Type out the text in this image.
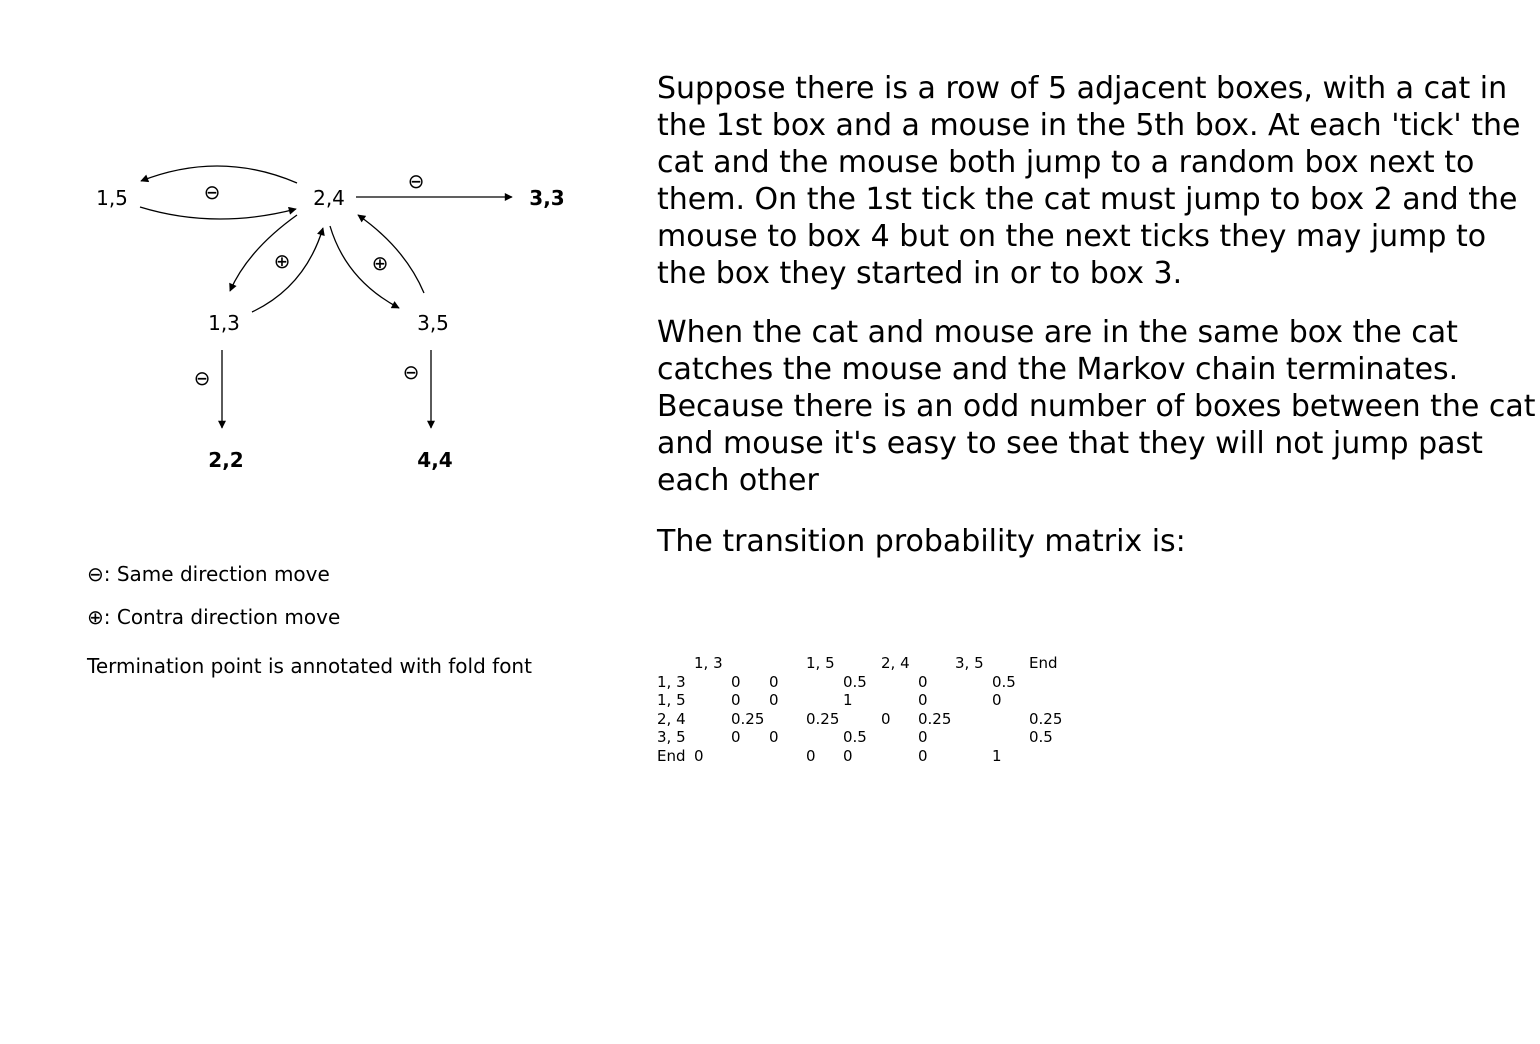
⊖	⊖
⊕	⊕
⊖	⊖
1,5	2,4	3,3
1,3	3,5
2,2	4,4
⊖: Same direction move
⊕: Contra direction move
Termination point is annotated with fold font

Suppose there is a row of 5 adjacent boxes, with a cat in the 1st box and a mouse in the 5th box. At each 'tick' the cat and the mouse both jump to a random box next to them. On the 1st tick the cat must jump to box 2 and the mouse to box 4 but on the next ticks they may jump to the box they started in or to box 3.

When the cat and mouse are in the same box the cat catches the mouse and the Markov chain terminates. Because there is an odd number of boxes between the cat and mouse it's easy to see that they will not jump past each other

The transition probability matrix is:

	1, 3			1, 5		2, 4		3, 5		End	
1, 3		0	0		0.5		0		0.5		
1, 5		0	0		1		0		0		
2, 4		0.25		0.25		0	0.25			0.25	
3, 5		0	0		0.5		0			0.5	
End	0			0	0		0		1		
